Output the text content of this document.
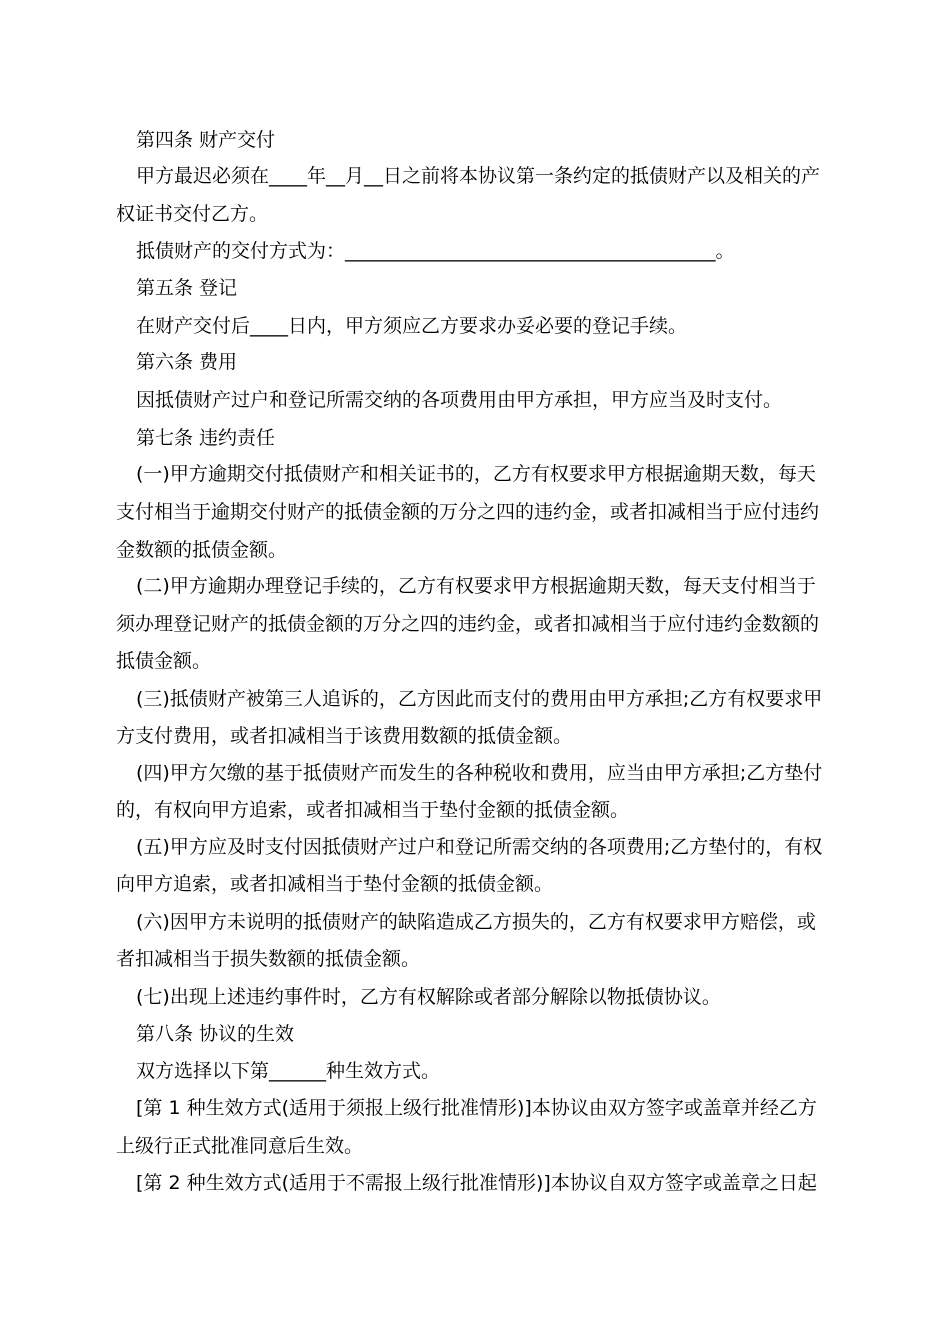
第四条 财产交付
甲方最迟必须在____年__月__日之前将本协议第一条约定的抵债财产以及相关的产
权证书交付乙方。
抵债财产的交付方式为：_______________________________________。
第五条 登记
在财产交付后____日内，甲方须应乙方要求办妥必要的登记手续。
第六条 费用
因抵债财产过户和登记所需交纳的各项费用由甲方承担，甲方应当及时支付。
第七条 违约责任
(一)甲方逾期交付抵债财产和相关证书的，乙方有权要求甲方根据逾期天数，每天
支付相当于逾期交付财产的抵债金额的万分之四的违约金，或者扣减相当于应付违约
金数额的抵债金额。
(二)甲方逾期办理登记手续的，乙方有权要求甲方根据逾期天数，每天支付相当于
须办理登记财产的抵债金额的万分之四的违约金，或者扣减相当于应付违约金数额的
抵债金额。
(三)抵债财产被第三人追诉的，乙方因此而支付的费用由甲方承担;乙方有权要求甲
方支付费用，或者扣减相当于该费用数额的抵债金额。
(四)甲方欠缴的基于抵债财产而发生的各种税收和费用，应当由甲方承担;乙方垫付
的，有权向甲方追索，或者扣减相当于垫付金额的抵债金额。
(五)甲方应及时支付因抵债财产过户和登记所需交纳的各项费用;乙方垫付的，有权
向甲方追索，或者扣减相当于垫付金额的抵债金额。
(六)因甲方未说明的抵债财产的缺陷造成乙方损失的，乙方有权要求甲方赔偿，或
者扣减相当于损失数额的抵债金额。
(七)出现上述违约事件时，乙方有权解除或者部分解除以物抵债协议。
第八条 协议的生效
双方选择以下第______种生效方式。
[第 1 种生效方式(适用于须报上级行批准情形)]本协议由双方签字或盖章并经乙方
上级行正式批准同意后生效。
[第 2 种生效方式(适用于不需报上级行批准情形)]本协议自双方签字或盖章之日起
